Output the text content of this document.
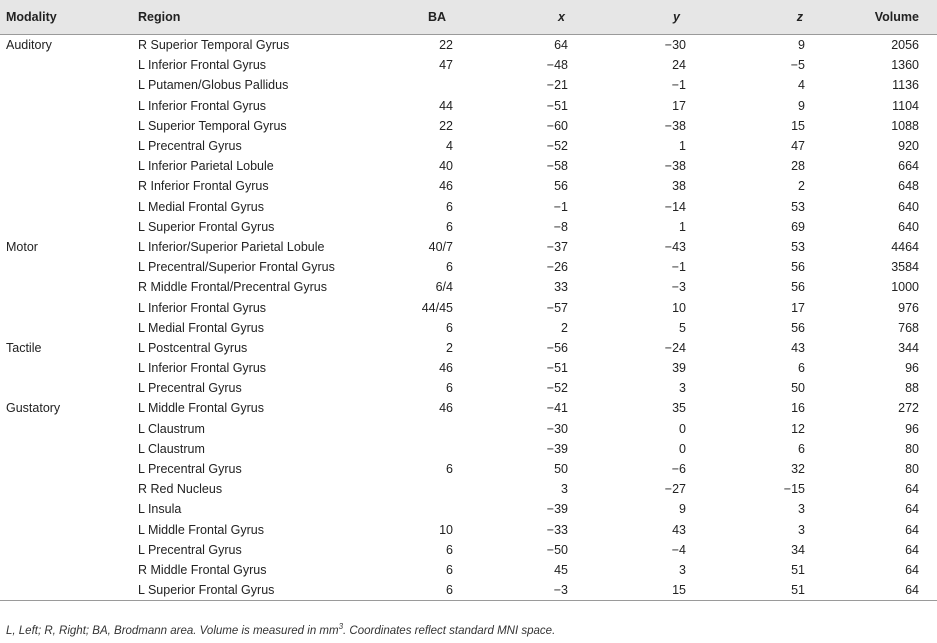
Modality	Region	BA	x	y	z	Volume
Auditory	R Superior Temporal Gyrus	22	64	−30	9	2056
	L Inferior Frontal Gyrus	47	−48	24	−5	1360
	L Putamen/Globus Pallidus		−21	−1	4	1136
	L Inferior Frontal Gyrus	44	−51	17	9	1104
	L Superior Temporal Gyrus	22	−60	−38	15	1088
	L Precentral Gyrus	4	−52	1	47	920
	L Inferior Parietal Lobule	40	−58	−38	28	664
	R Inferior Frontal Gyrus	46	56	38	2	648
	L Medial Frontal Gyrus	6	−1	−14	53	640
	L Superior Frontal Gyrus	6	−8	1	69	640
Motor	L Inferior/Superior Parietal Lobule	40/7	−37	−43	53	4464
	L Precentral/Superior Frontal Gyrus	6	−26	−1	56	3584
	R Middle Frontal/Precentral Gyrus	6/4	33	−3	56	1000
	L Inferior Frontal Gyrus	44/45	−57	10	17	976
	L Medial Frontal Gyrus	6	2	5	56	768
Tactile	L Postcentral Gyrus	2	−56	−24	43	344
	L Inferior Frontal Gyrus	46	−51	39	6	96
	L Precentral Gyrus	6	−52	3	50	88
Gustatory	L Middle Frontal Gyrus	46	−41	35	16	272
	L Claustrum		−30	0	12	96
	L Claustrum		−39	0	6	80
	L Precentral Gyrus	6	50	−6	32	80
	R Red Nucleus		3	−27	−15	64
	L Insula		−39	9	3	64
	L Middle Frontal Gyrus	10	−33	43	3	64
	L Precentral Gyrus	6	−50	−4	34	64
	R Middle Frontal Gyrus	6	45	3	51	64
	L Superior Frontal Gyrus	6	−3	15	51	64
L, Left; R, Right; BA, Brodmann area. Volume is measured in $mm^3$. Coordinates reflect standard MNI space.
